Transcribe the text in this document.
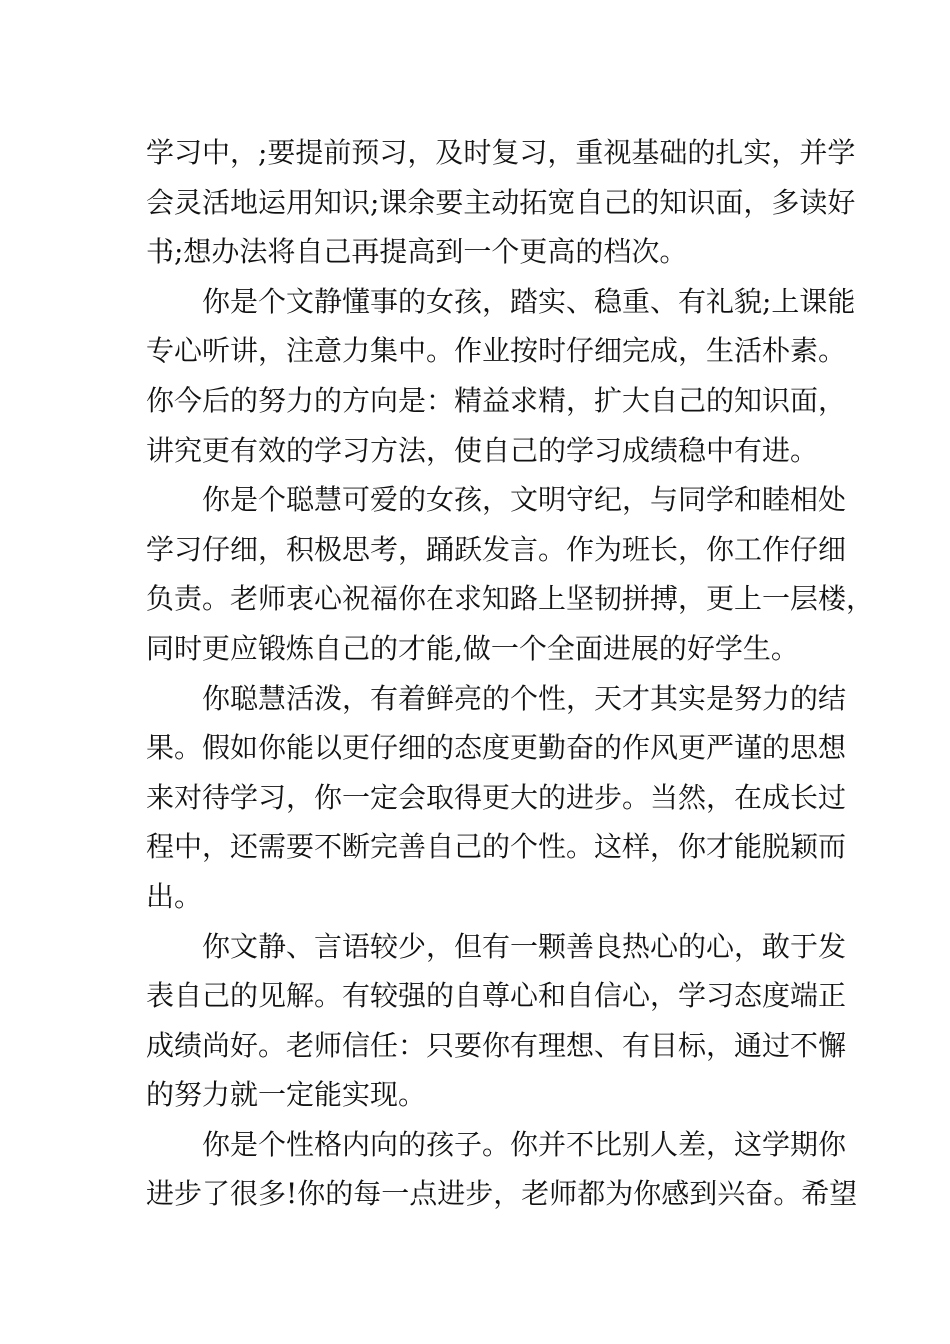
学习中，;要提前预习，及时复习，重视基础的扎实，并学
会灵活地运用知识;课余要主动拓宽自己的知识面，多读好
书;想办法将自己再提高到一个更高的档次。
你是个文静懂事的女孩，踏实、稳重、有礼貌;上课能
专心听讲，注意力集中。作业按时仔细完成，生活朴素。
你今后的努力的方向是：精益求精，扩大自己的知识面，
讲究更有效的学习方法，使自己的学习成绩稳中有进。
你是个聪慧可爱的女孩，文明守纪，与同学和睦相处
学习仔细，积极思考，踊跃发言。作为班长，你工作仔细
负责。老师衷心祝福你在求知路上坚韧拼搏，更上一层楼，
同时更应锻炼自己的才能,做一个全面进展的好学生。
你聪慧活泼，有着鲜亮的个性，天才其实是努力的结
果。假如你能以更仔细的态度更勤奋的作风更严谨的思想
来对待学习，你一定会取得更大的进步。当然，在成长过
程中，还需要不断完善自己的个性。这样，你才能脱颖而
出。
你文静、言语较少，但有一颗善良热心的心，敢于发
表自己的见解。有较强的自尊心和自信心，学习态度端正
成绩尚好。老师信任：只要你有理想、有目标，通过不懈
的努力就一定能实现。
你是个性格内向的孩子。你并不比别人差，这学期你
进步了很多!你的每一点进步，老师都为你感到兴奋。希望
